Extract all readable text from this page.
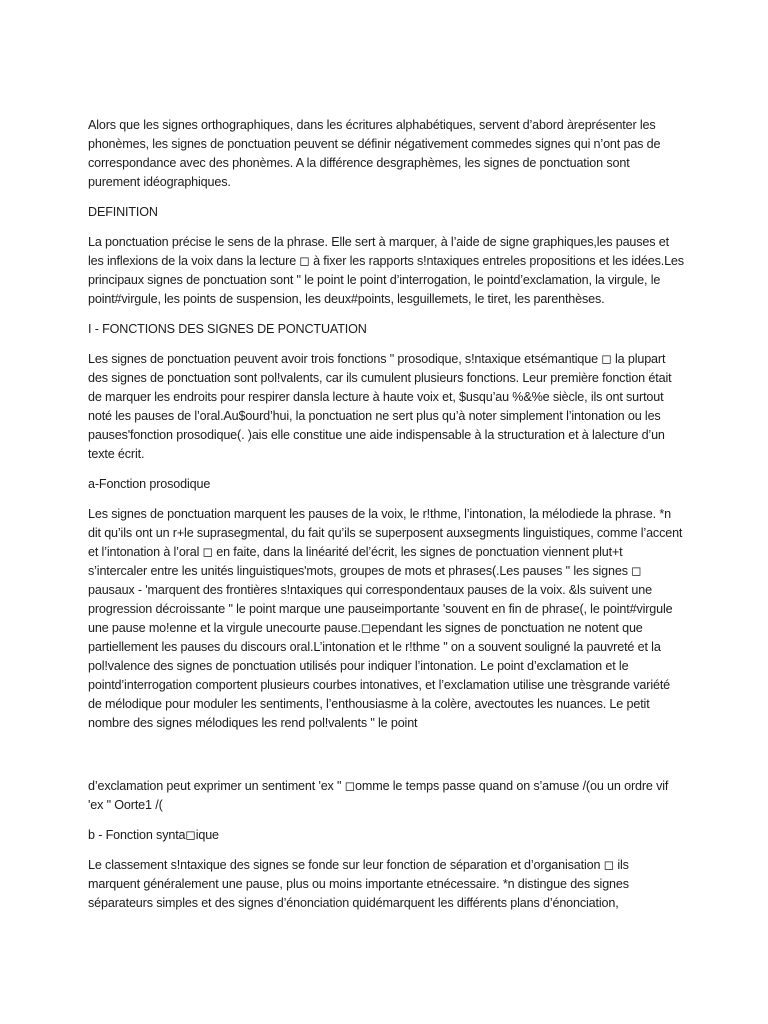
Alors que les signes orthographiques, dans les écritures alphabétiques, servent d’abord àreprésenter les phonèmes, les signes de ponctuation peuvent se définir négativement commedes signes qui n’ont pas de correspondance avec des phonèmes. A la différence desgraphèmes, les signes de ponctuation sont purement idéographiques.

DEFINITION

La ponctuation précise le sens de la phrase. Elle sert à marquer, à l’aide de signe graphiques,les pauses et les inflexions de la voix dans la lecture ◻ à fixer les rapports s!ntaxiques entreles propositions et les idées.Les principaux signes de ponctuation sont " le point le point d’interrogation, le pointd’exclamation, la virgule, le point#virgule, les points de suspension, les deux#points, lesguillemets, le tiret, les parenthèses.

I - FONCTIONS DES SIGNES DE PONCTUATION

Les signes de ponctuation peuvent avoir trois fonctions " prosodique, s!ntaxique etsémantique ◻ la plupart des signes de ponctuation sont pol!valents, car ils cumulent plusieurs fonctions. Leur première fonction était de marquer les endroits pour respirer dansla lecture à haute voix et, $usqu’au %&%e siècle, ils ont surtout noté les pauses de l’oral.Au$ourd’hui, la ponctuation ne sert plus qu’à noter simplement l’intonation ou les pauses'fonction prosodique(. )ais elle constitue une aide indispensable à la structuration et à lalecture d’un texte écrit.

a-Fonction prosodique

Les signes de ponctuation marquent les pauses de la voix, le r!thme, l’intonation, la mélodiede la phrase. *n dit qu’ils ont un r+le suprasegmental, du fait qu’ils se superposent auxsegments linguistiques, comme l’accent et l’intonation à l’oral ◻ en faite, dans la linéarité del’écrit, les signes de ponctuation viennent plut+t s’intercaler entre les unités linguistiques'mots, groupes de mots et phrases(.Les pauses " les signes ◻ pausaux - 'marquent des frontières s!ntaxiques qui correspondentaux pauses de la voix. &ls suivent une progression décroissante " le point marque une pauseimportante 'souvent en fin de phrase(, le point#virgule une pause mo!enne et la virgule unecourte pause.◻ependant les signes de ponctuation ne notent que partiellement les pauses du discours oral.L’intonation et le r!thme " on a souvent souligné la pauvreté et la pol!valence des signes de ponctuation utilisés pour indiquer l’intonation. Le point d’exclamation et le pointd’interrogation comportent plusieurs courbes intonatives, et l’exclamation utilise une trèsgrande variété de mélodique pour moduler les sentiments, l’enthousiasme à la colère, avectoutes les nuances. Le petit nombre des signes mélodiques les rend pol!valents " le point

d’exclamation peut exprimer un sentiment 'ex " ◻omme le temps passe quand on s’amuse /(ou un ordre vif 'ex " Oorte1 /(

b - Fonction synta◻ique

Le classement s!ntaxique des signes se fonde sur leur fonction de séparation et d’organisation ◻ ils marquent généralement une pause, plus ou moins importante etnécessaire. *n distingue des signes séparateurs simples et des signes d’énonciation quidémarquent les différents plans d’énonciation,
